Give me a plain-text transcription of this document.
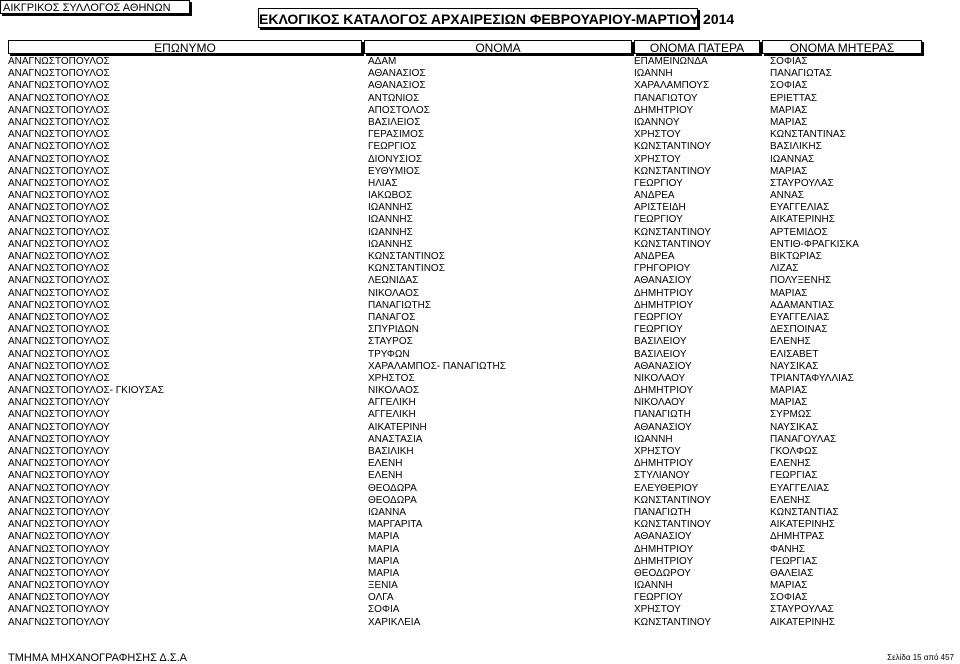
ΑΙΚΓΡΙΚΟΣ ΣΥΛΛΟΓΟΣ ΑΘΗΝΩΝ
ΕΚΛΟΓΙΚΟΣ ΚΑΤΑΛΟΓΟΣ ΑΡΧΑΙΡΕΣΙΩΝ ΦΕΒΡΟΥΑΡΙΟΥ-ΜΑΡΤΙΟΥ 2014
ΕΠΩΝΥΜΟ	ΟΝΟΜΑ	ΟΝΟΜΑ ΠΑΤΕΡΑ	ΟΝΟΜΑ ΜΗΤΕΡΑΣ
ΑΝΑΓΝΩΣΤΟΠΟΥΛΟΣ	ΑΔΑΜ	ΕΠΑΜΕΙΝΩΝΔΑ	ΣΟΦΙΑΣ
ΑΝΑΓΝΩΣΤΟΠΟΥΛΟΣ	ΑΘΑΝΑΣΙΟΣ	ΙΩΑΝΝΗ	ΠΑΝΑΓΙΩΤΑΣ
ΑΝΑΓΝΩΣΤΟΠΟΥΛΟΣ	ΑΘΑΝΑΣΙΟΣ	ΧΑΡΑΛΑΜΠΟΥΣ	ΣΟΦΙΑΣ
ΑΝΑΓΝΩΣΤΟΠΟΥΛΟΣ	ΑΝΤΩΝΙΟΣ	ΠΑΝΑΓΙΩΤΟΥ	ΕΡΙΕΤΤΑΣ
ΑΝΑΓΝΩΣΤΟΠΟΥΛΟΣ	ΑΠΟΣΤΟΛΟΣ	ΔΗΜΗΤΡΙΟΥ	ΜΑΡΙΑΣ
ΑΝΑΓΝΩΣΤΟΠΟΥΛΟΣ	ΒΑΣΙΛΕΙΟΣ	ΙΩΑΝΝΟΥ	ΜΑΡΙΑΣ
ΑΝΑΓΝΩΣΤΟΠΟΥΛΟΣ	ΓΕΡΑΣΙΜΟΣ	ΧΡΗΣΤΟΥ	ΚΩΝΣΤΑΝΤΙΝΑΣ
ΑΝΑΓΝΩΣΤΟΠΟΥΛΟΣ	ΓΕΩΡΓΙΟΣ	ΚΩΝΣΤΑΝΤΙΝΟΥ	ΒΑΣΙΛΙΚΗΣ
ΑΝΑΓΝΩΣΤΟΠΟΥΛΟΣ	ΔΙΟΝΥΣΙΟΣ	ΧΡΗΣΤΟΥ	ΙΩΑΝΝΑΣ
ΑΝΑΓΝΩΣΤΟΠΟΥΛΟΣ	ΕΥΘΥΜΙΟΣ	ΚΩΝΣΤΑΝΤΙΝΟΥ	ΜΑΡΙΑΣ
ΑΝΑΓΝΩΣΤΟΠΟΥΛΟΣ	ΗΛΙΑΣ	ΓΕΩΡΓΙΟΥ	ΣΤΑΥΡΟΥΛΑΣ
ΑΝΑΓΝΩΣΤΟΠΟΥΛΟΣ	ΙΑΚΩΒΟΣ	ΑΝΔΡΕΑ	ΑΝΝΑΣ
ΑΝΑΓΝΩΣΤΟΠΟΥΛΟΣ	ΙΩΑΝΝΗΣ	ΑΡΙΣΤΕΙΔΗ	ΕΥΑΓΓΕΛΙΑΣ
ΑΝΑΓΝΩΣΤΟΠΟΥΛΟΣ	ΙΩΑΝΝΗΣ	ΓΕΩΡΓΙΟΥ	ΑΙΚΑΤΕΡΙΝΗΣ
ΑΝΑΓΝΩΣΤΟΠΟΥΛΟΣ	ΙΩΑΝΝΗΣ	ΚΩΝΣΤΑΝΤΙΝΟΥ	ΑΡΤΕΜΙΔΟΣ
ΑΝΑΓΝΩΣΤΟΠΟΥΛΟΣ	ΙΩΑΝΝΗΣ	ΚΩΝΣΤΑΝΤΙΝΟΥ	ΕΝΤΙΘ-ΦΡΑΓΚΙΣΚΑ
ΑΝΑΓΝΩΣΤΟΠΟΥΛΟΣ	ΚΩΝΣΤΑΝΤΙΝΟΣ	ΑΝΔΡΕΑ	ΒΙΚΤΩΡΙΑΣ
ΑΝΑΓΝΩΣΤΟΠΟΥΛΟΣ	ΚΩΝΣΤΑΝΤΙΝΟΣ	ΓΡΗΓΟΡΙΟΥ	ΛΙΖΑΣ
ΑΝΑΓΝΩΣΤΟΠΟΥΛΟΣ	ΛΕΩΝΙΔΑΣ	ΑΘΑΝΑΣΙΟΥ	ΠΟΛΥΞΕΝΗΣ
ΑΝΑΓΝΩΣΤΟΠΟΥΛΟΣ	ΝΙΚΟΛΑΟΣ	ΔΗΜΗΤΡΙΟΥ	ΜΑΡΙΑΣ
ΑΝΑΓΝΩΣΤΟΠΟΥΛΟΣ	ΠΑΝΑΓΙΩΤΗΣ	ΔΗΜΗΤΡΙΟΥ	ΑΔΑΜΑΝΤΙΑΣ
ΑΝΑΓΝΩΣΤΟΠΟΥΛΟΣ	ΠΑΝΑΓΟΣ	ΓΕΩΡΓΙΟΥ	ΕΥΑΓΓΕΛΙΑΣ
ΑΝΑΓΝΩΣΤΟΠΟΥΛΟΣ	ΣΠΥΡΙΔΩΝ	ΓΕΩΡΓΙΟΥ	ΔΕΣΠΟΙΝΑΣ
ΑΝΑΓΝΩΣΤΟΠΟΥΛΟΣ	ΣΤΑΥΡΟΣ	ΒΑΣΙΛΕΙΟΥ	ΕΛΕΝΗΣ
ΑΝΑΓΝΩΣΤΟΠΟΥΛΟΣ	ΤΡΥΦΩΝ	ΒΑΣΙΛΕΙΟΥ	ΕΛΙΣΑΒΕΤ
ΑΝΑΓΝΩΣΤΟΠΟΥΛΟΣ	ΧΑΡΑΛΑΜΠΟΣ- ΠΑΝΑΓΙΩΤΗΣ	ΑΘΑΝΑΣΙΟΥ	ΝΑΥΣΙΚΑΣ
ΑΝΑΓΝΩΣΤΟΠΟΥΛΟΣ	ΧΡΗΣΤΟΣ	ΝΙΚΟΛΑΟΥ	ΤΡΙΑΝΤΑΦΥΛΛΙΑΣ
ΑΝΑΓΝΩΣΤΟΠΟΥΛΟΣ- ΓΚΙΟΥΣΑΣ	ΝΙΚΟΛΑΟΣ	ΔΗΜΗΤΡΙΟΥ	ΜΑΡΙΑΣ
ΑΝΑΓΝΩΣΤΟΠΟΥΛΟΥ	ΑΓΓΕΛΙΚΗ	ΝΙΚΟΛΑΟΥ	ΜΑΡΙΑΣ
ΑΝΑΓΝΩΣΤΟΠΟΥΛΟΥ	ΑΓΓΕΛΙΚΗ	ΠΑΝΑΓΙΩΤΗ	ΣΥΡΜΩΣ
ΑΝΑΓΝΩΣΤΟΠΟΥΛΟΥ	ΑΙΚΑΤΕΡΙΝΗ	ΑΘΑΝΑΣΙΟΥ	ΝΑΥΣΙΚΑΣ
ΑΝΑΓΝΩΣΤΟΠΟΥΛΟΥ	ΑΝΑΣΤΑΣΙΑ	ΙΩΑΝΝΗ	ΠΑΝΑΓΟΥΛΑΣ
ΑΝΑΓΝΩΣΤΟΠΟΥΛΟΥ	ΒΑΣΙΛΙΚΗ	ΧΡΗΣΤΟΥ	ΓΚΟΛΦΩΣ
ΑΝΑΓΝΩΣΤΟΠΟΥΛΟΥ	ΕΛΕΝΗ	ΔΗΜΗΤΡΙΟΥ	ΕΛΕΝΗΣ
ΑΝΑΓΝΩΣΤΟΠΟΥΛΟΥ	ΕΛΕΝΗ	ΣΤΥΛΙΑΝΟΥ	ΓΕΩΡΓΙΑΣ
ΑΝΑΓΝΩΣΤΟΠΟΥΛΟΥ	ΘΕΟΔΩΡΑ	ΕΛΕΥΘΕΡΙΟΥ	ΕΥΑΓΓΕΛΙΑΣ
ΑΝΑΓΝΩΣΤΟΠΟΥΛΟΥ	ΘΕΟΔΩΡΑ	ΚΩΝΣΤΑΝΤΙΝΟΥ	ΕΛΕΝΗΣ
ΑΝΑΓΝΩΣΤΟΠΟΥΛΟΥ	ΙΩΑΝΝΑ	ΠΑΝΑΓΙΩΤΗ	ΚΩΝΣΤΑΝΤΙΑΣ
ΑΝΑΓΝΩΣΤΟΠΟΥΛΟΥ	ΜΑΡΓΑΡΙΤΑ	ΚΩΝΣΤΑΝΤΙΝΟΥ	ΑΙΚΑΤΕΡΙΝΗΣ
ΑΝΑΓΝΩΣΤΟΠΟΥΛΟΥ	ΜΑΡΙΑ	ΑΘΑΝΑΣΙΟΥ	ΔΗΜΗΤΡΑΣ
ΑΝΑΓΝΩΣΤΟΠΟΥΛΟΥ	ΜΑΡΙΑ	ΔΗΜΗΤΡΙΟΥ	ΦΑΝΗΣ
ΑΝΑΓΝΩΣΤΟΠΟΥΛΟΥ	ΜΑΡΙΑ	ΔΗΜΗΤΡΙΟΥ	ΓΕΩΡΓΙΑΣ
ΑΝΑΓΝΩΣΤΟΠΟΥΛΟΥ	ΜΑΡΙΑ	ΘΕΟΔΩΡΟΥ	ΘΑΛΕΙΑΣ
ΑΝΑΓΝΩΣΤΟΠΟΥΛΟΥ	ΞΕΝΙΑ	ΙΩΑΝΝΗ	ΜΑΡΙΑΣ
ΑΝΑΓΝΩΣΤΟΠΟΥΛΟΥ	ΟΛΓΑ	ΓΕΩΡΓΙΟΥ	ΣΟΦΙΑΣ
ΑΝΑΓΝΩΣΤΟΠΟΥΛΟΥ	ΣΟΦΙΑ	ΧΡΗΣΤΟΥ	ΣΤΑΥΡΟΥΛΑΣ
ΑΝΑΓΝΩΣΤΟΠΟΥΛΟΥ	ΧΑΡΙΚΛΕΙΑ	ΚΩΝΣΤΑΝΤΙΝΟΥ	ΑΙΚΑΤΕΡΙΝΗΣ
ΤΜΗΜΑ ΜΗΧΑΝΟΓΡΑΦΗΣΗΣ Δ.Σ.Α	Σελίδα 15 από 457
